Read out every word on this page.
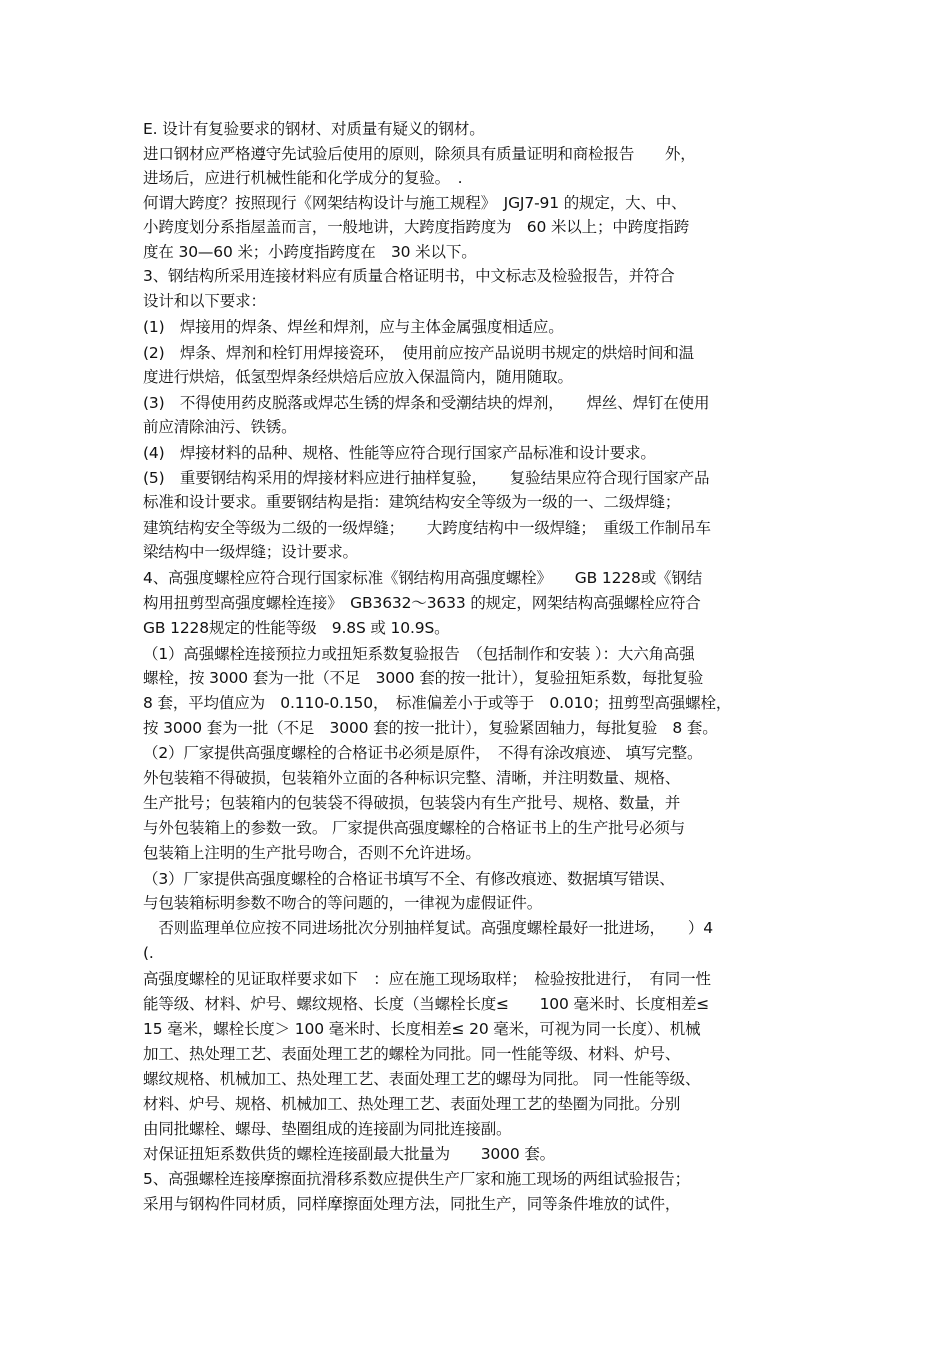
E. 设计有复验要求的钢材、对质量有疑义的钢材。
进口钢材应严格遵守先试验后使用的原则，除须具有质量证明和商检报告　　外，
进场后，应进行机械性能和化学成分的复验。　.
何谓大跨度？按照现行《网架结构设计与施工规程》　JGJ7-91 的规定，大、中、
小跨度划分系指屋盖而言，一般地讲，大跨度指跨度为　60 米以上；中跨度指跨
度在 30—60 米；小跨度指跨度在　30 米以下。
3、钢结构所采用连接材料应有质量合格证明书，中文标志及检验报告，并符合
设计和以下要求：
(1)　焊接用的焊条、焊丝和焊剂，应与主体金属强度相适应。
(2)　焊条、焊剂和栓钉用焊接瓷环，　使用前应按产品说明书规定的烘焙时间和温
度进行烘焙，低氢型焊条经烘焙后应放入保温筒内，随用随取。
(3)　不得使用药皮脱落或焊芯生锈的焊条和受潮结块的焊剂，　　焊丝、焊钉在使用
前应清除油污、铁锈。
(4)　焊接材料的品种、规格、性能等应符合现行国家产品标准和设计要求。
(5)　重要钢结构采用的焊接材料应进行抽样复验，　　复验结果应符合现行国家产品
标准和设计要求。重要钢结构是指：建筑结构安全等级为一级的一、二级焊缝；
建筑结构安全等级为二级的一级焊缝；　　大跨度结构中一级焊缝；　重级工作制吊车
梁结构中一级焊缝；设计要求。
4、高强度螺栓应符合现行国家标准《钢结构用高强度螺栓》　　GB 1228或《钢结
构用扭剪型高强度螺栓连接》　GB3632～3633 的规定，网架结构高强螺栓应符合
GB 1228规定的性能等级　9.8S 或 10.9S。
（1）高强螺栓连接预拉力或扭矩系数复验报告　（包括制作和安装 ）：大六角高强
螺栓，按 3000 套为一批（不足　3000 套的按一批计），复验扭矩系数，每批复验
8 套，平均值应为　0.110-0.150，　标准偏差小于或等于　0.010；扭剪型高强螺栓，
按 3000 套为一批（不足　3000 套的按一批计），复验紧固轴力，每批复验　8 套。
（2）厂家提供高强度螺栓的合格证书必须是原件，　不得有涂改痕迹、 填写完整。
外包装箱不得破损，包装箱外立面的各种标识完整、清晰，并注明数量、规格、
生产批号；包装箱内的包装袋不得破损，包装袋内有生产批号、规格、数量，并
与外包装箱上的参数一致。 厂家提供高强度螺栓的合格证书上的生产批号必须与
包装箱上注明的生产批号吻合，否则不允许进场。
（3）厂家提供高强度螺栓的合格证书填写不全、有修改痕迹、数据填写错误、
与包装箱标明参数不吻合的等问题的，一律视为虚假证件。
　否则监理单位应按不同进场批次分别抽样复试。高强度螺栓最好一批进场，　　）4
(.
高强度螺栓的见证取样要求如下　：应在施工现场取样；　检验按批进行，　有同一性
能等级、材料、炉号、螺纹规格、长度（当螺栓长度≤　　100 毫米时、长度相差≤
15 毫米，螺栓长度＞ 100 毫米时、长度相差≤ 20 毫米，可视为同一长度）、机械
加工、热处理工艺、表面处理工艺的螺栓为同批。同一性能等级、材料、炉号、
螺纹规格、机械加工、热处理工艺、表面处理工艺的螺母为同批。 同一性能等级、
材料、炉号、规格、机械加工、热处理工艺、表面处理工艺的垫圈为同批。分别
由同批螺栓、螺母、垫圈组成的连接副为同批连接副。
对保证扭矩系数供货的螺栓连接副最大批量为　　3000 套。
5、高强螺栓连接摩擦面抗滑移系数应提供生产厂家和施工现场的两组试验报告；
采用与钢构件同材质，同样摩擦面处理方法，同批生产，同等条件堆放的试件，
